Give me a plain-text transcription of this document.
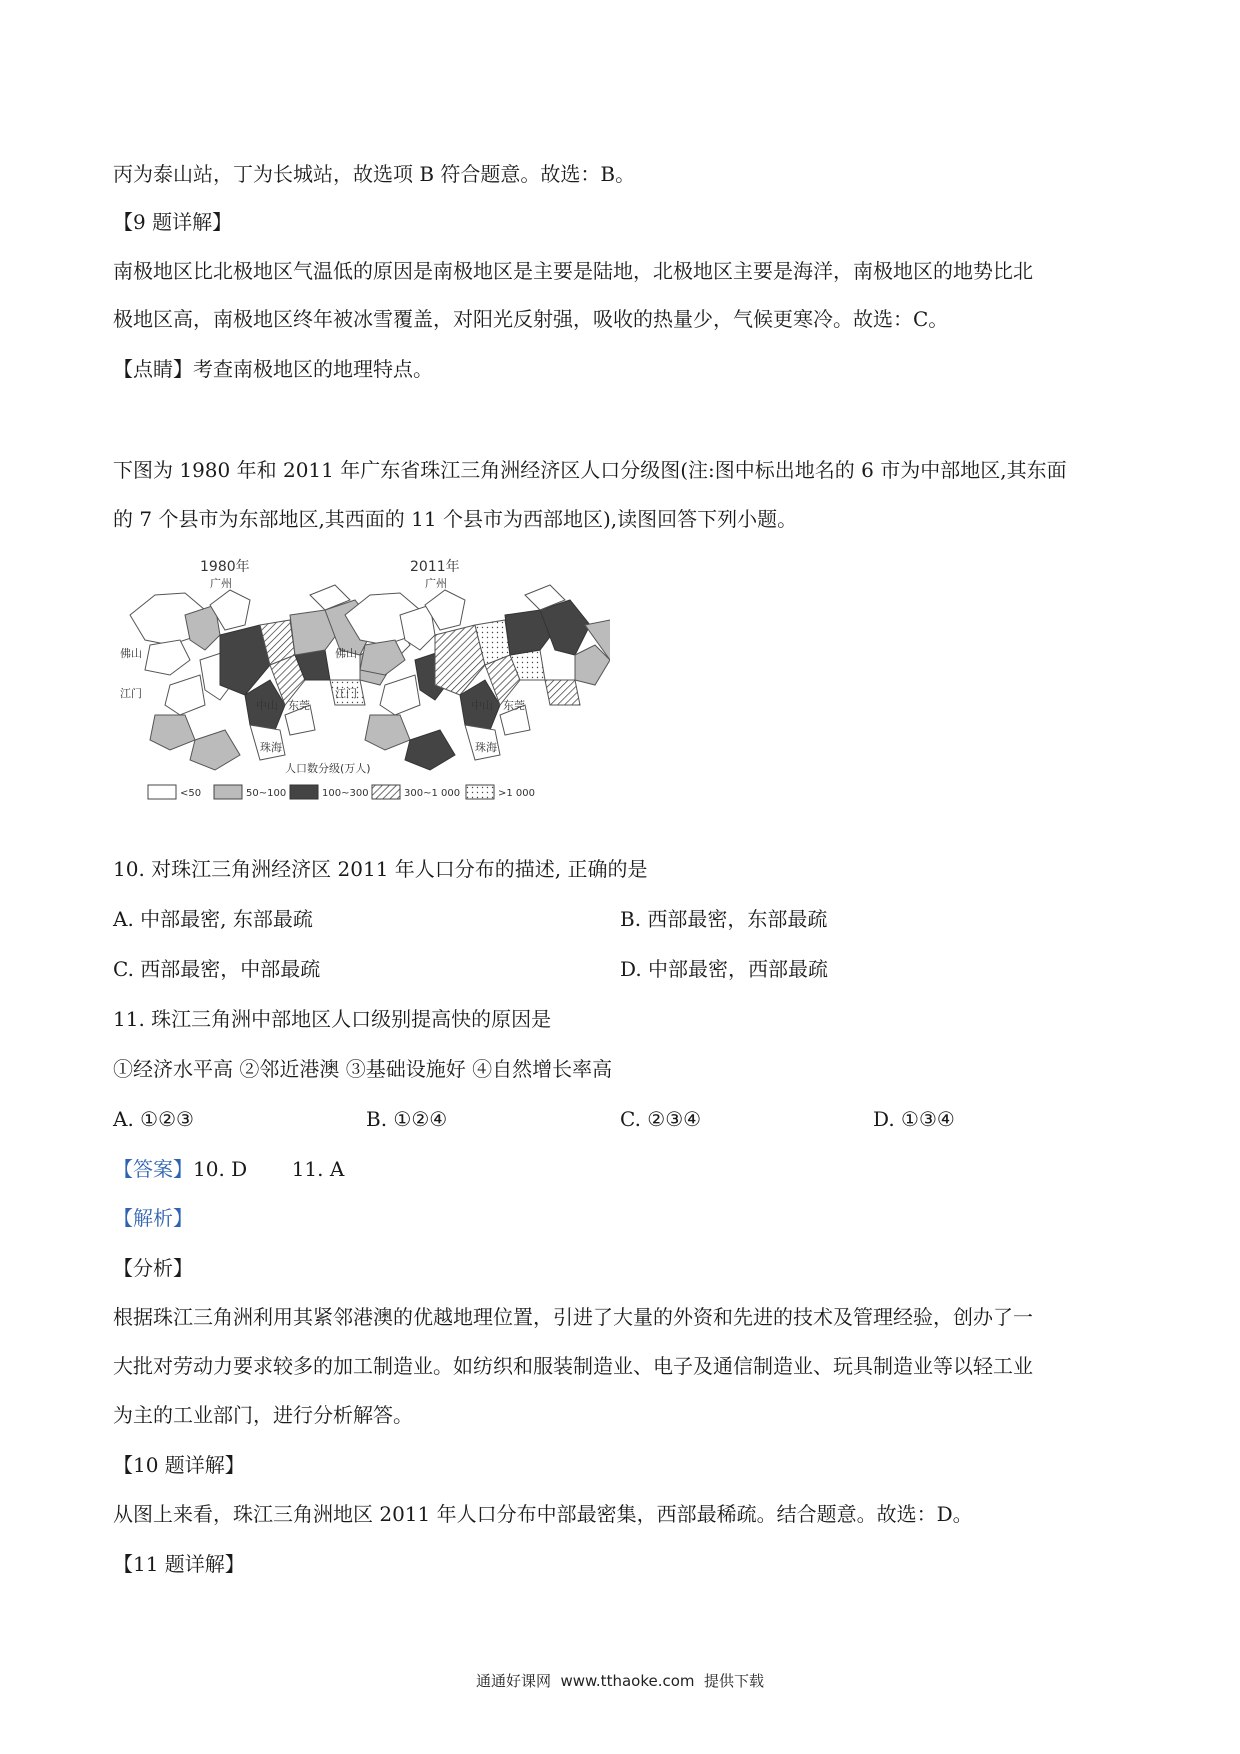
丙为泰山站，丁为长城站，故选项 B 符合题意。故选：B。
【9 题详解】
南极地区比北极地区气温低的原因是南极地区是主要是陆地，北极地区主要是海洋，南极地区的地势比北
极地区高，南极地区终年被冰雪覆盖，对阳光反射强，吸收的热量少，气候更寒冷。故选：C。
【点睛】考查南极地区的地理特点。
下图为 1980 年和 2011 年广东省珠江三角洲经济区人口分级图(注:图中标出地名的 6 市为中部地区,其东面
的 7 个县市为东部地区,其西面的 11 个县市为西部地区),读图回答下列小题。
1980年
广州
佛山
江门
中山 东莞
珠海
2011年
广州
佛山
江门
中山 东莞
珠海
人口数分级(万人)
<50	50~100	100~300	300~1 000	>1 000
10. 对珠江三角洲经济区 2011 年人口分布的描述, 正确的是
A. 中部最密, 东部最疏	B. 西部最密，东部最疏
C. 西部最密，中部最疏	D. 中部最密，西部最疏
11. 珠江三角洲中部地区人口级别提高快的原因是
①经济水平高 ②邻近港澳 ③基础设施好 ④自然增长率高
A. ①②③	B. ①②④	C. ②③④	D. ①③④
【答案】10. D       11. A
【解析】
【分析】
根据珠江三角洲利用其紧邻港澳的优越地理位置，引进了大量的外资和先进的技术及管理经验，创办了一
大批对劳动力要求较多的加工制造业。如纺织和服装制造业、电子及通信制造业、玩具制造业等以轻工业
为主的工业部门，进行分析解答。
【10 题详解】
从图上来看，珠江三角洲地区 2011 年人口分布中部最密集，西部最稀疏。结合题意。故选：D。
【11 题详解】
通通好课网  www.tthaoke.com  提供下载
